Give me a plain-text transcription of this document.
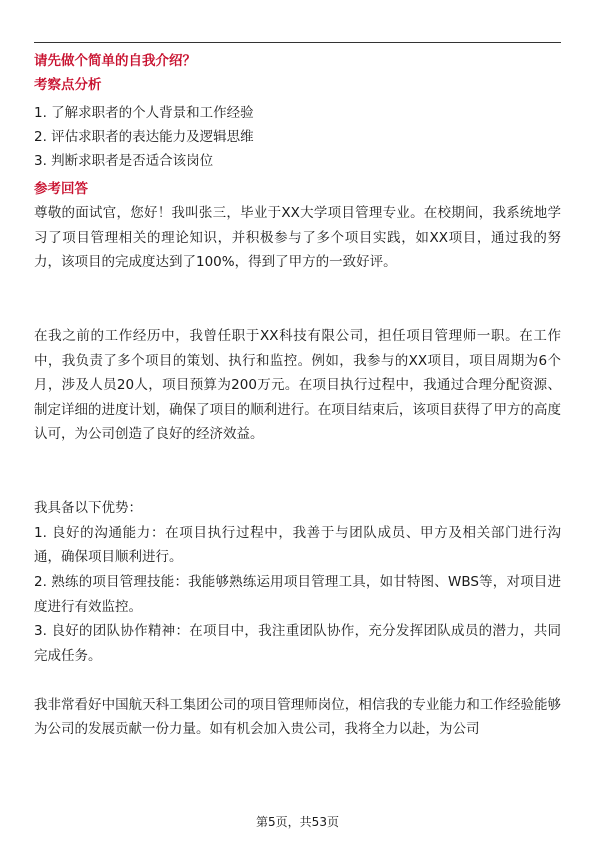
请先做个简单的自我介绍？

考察点分析

1. 了解求职者的个人背景和工作经验

2. 评估求职者的表达能力及逻辑思维

3. 判断求职者是否适合该岗位

参考回答

尊敬的面试官，您好！我叫张三，毕业于XX大学项目管理专业。在校期间，我系统地学习了项目管理相关的理论知识，并积极参与了多个项目实践，如XX项目，通过我的努力，该项目的完成度达到了100%，得到了甲方的一致好评。

在我之前的工作经历中，我曾任职于XX科技有限公司，担任项目管理师一职。在工作中，我负责了多个项目的策划、执行和监控。例如，我参与的XX项目，项目周期为6个月，涉及人员20人，项目预算为200万元。在项目执行过程中，我通过合理分配资源、制定详细的进度计划，确保了项目的顺利进行。在项目结束后，该项目获得了甲方的高度认可，为公司创造了良好的经济效益。

我具备以下优势：

1. 良好的沟通能力：在项目执行过程中，我善于与团队成员、甲方及相关部门进行沟通，确保项目顺利进行。

2. 熟练的项目管理技能：我能够熟练运用项目管理工具，如甘特图、WBS等，对项目进度进行有效监控。

3. 良好的团队协作精神：在项目中，我注重团队协作，充分发挥团队成员的潜力，共同完成任务。

我非常看好中国航天科工集团公司的项目管理师岗位，相信我的专业能力和工作经验能够为公司的发展贡献一份力量。如有机会加入贵公司，我将全力以赴，为公司

第5页，共53页
